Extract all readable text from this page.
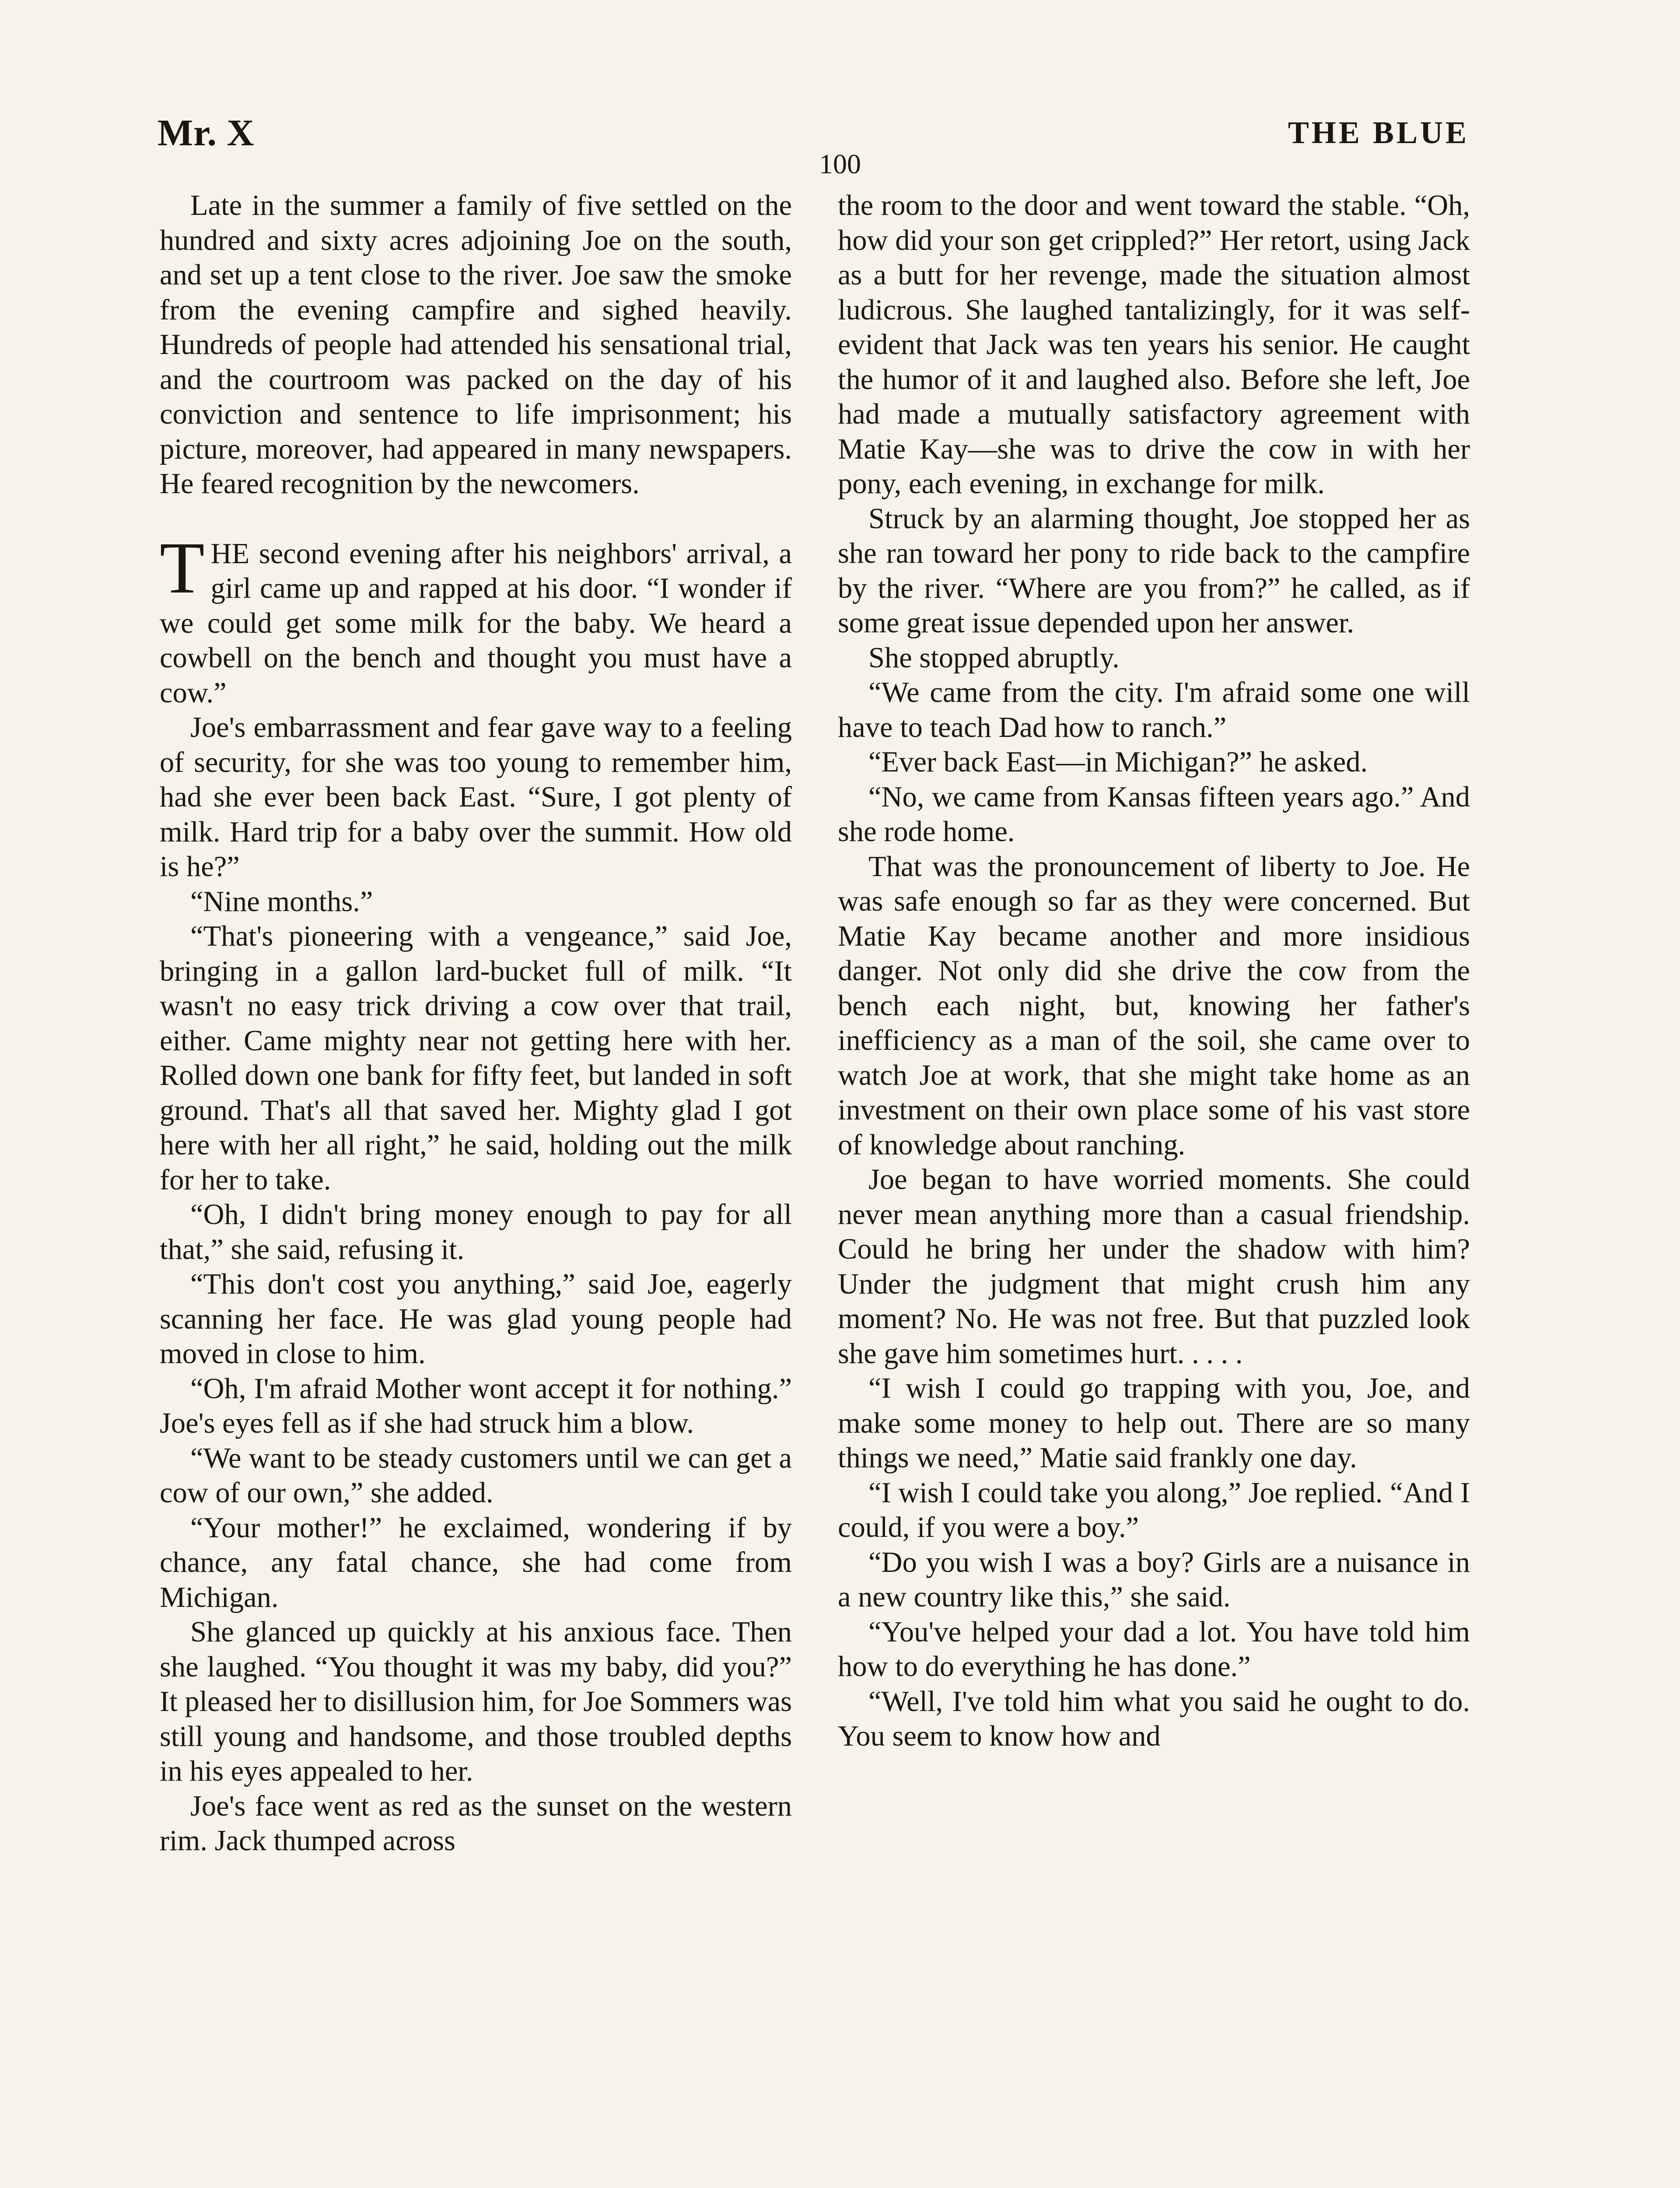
Mr. X	THE BLUE
100

Late in the summer a family of five settled on the hundred and sixty acres adjoining Joe on the south, and set up a tent close to the river. Joe saw the smoke from the evening campfire and sighed heavily. Hundreds of people had attended his sensational trial, and the courtroom was packed on the day of his conviction and sentence to life imprisonment; his picture, moreover, had appeared in many newspapers. He feared recognition by the newcomers.

THE second evening after his neighbors' arrival, a girl came up and rapped at his door. “I wonder if we could get some milk for the baby. We heard a cowbell on the bench and thought you must have a cow.”

Joe's embarrassment and fear gave way to a feeling of security, for she was too young to remember him, had she ever been back East. “Sure, I got plenty of milk. Hard trip for a baby over the summit. How old is he?”

“Nine months.”

“That's pioneering with a vengeance,” said Joe, bringing in a gallon lard-bucket full of milk. “It wasn't no easy trick driving a cow over that trail, either. Came mighty near not getting here with her. Rolled down one bank for fifty feet, but landed in soft ground. That's all that saved her. Mighty glad I got here with her all right,” he said, holding out the milk for her to take.

“Oh, I didn't bring money enough to pay for all that,” she said, refusing it.

“This don't cost you anything,” said Joe, eagerly scanning her face. He was glad young people had moved in close to him.

“Oh, I'm afraid Mother wont accept it for nothing.” Joe's eyes fell as if she had struck him a blow.

“We want to be steady customers until we can get a cow of our own,” she added.

“Your mother!” he exclaimed, wondering if by chance, any fatal chance, she had come from Michigan.

She glanced up quickly at his anxious face. Then she laughed. “You thought it was my baby, did you?” It pleased her to disillusion him, for Joe Sommers was still young and handsome, and those troubled depths in his eyes appealed to her.

Joe's face went as red as the sunset on the western rim. Jack thumped across

the room to the door and went toward the stable. “Oh, how did your son get crippled?” Her retort, using Jack as a butt for her revenge, made the situation almost ludicrous. She laughed tantalizingly, for it was self-evident that Jack was ten years his senior. He caught the humor of it and laughed also. Before she left, Joe had made a mutually satisfactory agreement with Matie Kay—she was to drive the cow in with her pony, each evening, in exchange for milk.

Struck by an alarming thought, Joe stopped her as she ran toward her pony to ride back to the campfire by the river. “Where are you from?” he called, as if some great issue depended upon her answer.

She stopped abruptly.

“We came from the city. I'm afraid some one will have to teach Dad how to ranch.”

“Ever back East—in Michigan?” he asked.

“No, we came from Kansas fifteen years ago.” And she rode home.

That was the pronouncement of liberty to Joe. He was safe enough so far as they were concerned. But Matie Kay became another and more insidious danger. Not only did she drive the cow from the bench each night, but, knowing her father's inefficiency as a man of the soil, she came over to watch Joe at work, that she might take home as an investment on their own place some of his vast store of knowledge about ranching.

Joe began to have worried moments. She could never mean anything more than a casual friendship. Could he bring her under the shadow with him? Under the judgment that might crush him any moment? No. He was not free. But that puzzled look she gave him sometimes hurt. . . . .

“I wish I could go trapping with you, Joe, and make some money to help out. There are so many things we need,” Matie said frankly one day.

“I wish I could take you along,” Joe replied. “And I could, if you were a boy.”

“Do you wish I was a boy? Girls are a nuisance in a new country like this,” she said.

“You've helped your dad a lot. You have told him how to do everything he has done.”

“Well, I've told him what you said he ought to do. You seem to know how and
